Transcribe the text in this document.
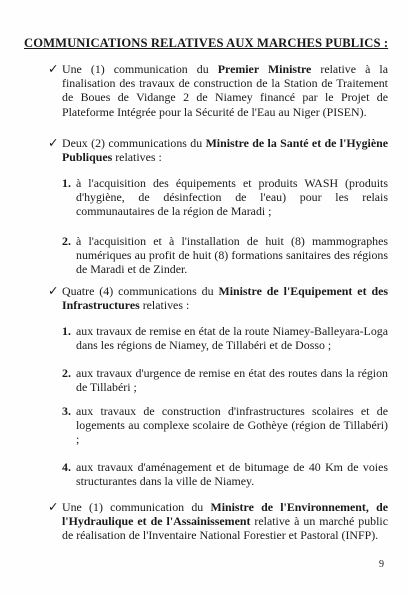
COMMUNICATIONS RELATIVES AUX MARCHES PUBLICS :
✓ Une (1) communication du Premier Ministre relative à la finalisation des travaux de construction de la Station de Traitement de Boues de Vidange 2 de Niamey financé par le Projet de Plateforme Intégrée pour la Sécurité de l'Eau au Niger (PISEN).
✓ Deux (2) communications du Ministre de la Santé et de l'Hygiène Publiques relatives :
1. à l'acquisition des équipements et produits WASH (produits d'hygiène, de désinfection de l'eau) pour les relais communautaires de la région de Maradi ;
2. à l'acquisition et à l'installation de huit (8) mammographes numériques au profit de huit (8) formations sanitaires des régions de Maradi et de Zinder.
✓ Quatre (4) communications du Ministre de l'Equipement et des Infrastructures relatives :
1. aux travaux de remise en état de la route Niamey-Balleyara-Loga dans les régions de Niamey, de Tillabéri et de Dosso ;
2. aux travaux d'urgence de remise en état des routes dans la région de Tillabéri ;
3. aux travaux de construction d'infrastructures scolaires et de logements au complexe scolaire de Gothèye (région de Tillabéri) ;
4. aux travaux d'aménagement et de bitumage de 40 Km de voies structurantes dans la ville de Niamey.
✓ Une (1) communication du Ministre de l'Environnement, de l'Hydraulique et de l'Assainissement relative à un marché public de réalisation de l'Inventaire National Forestier et Pastoral (INFP).
9
